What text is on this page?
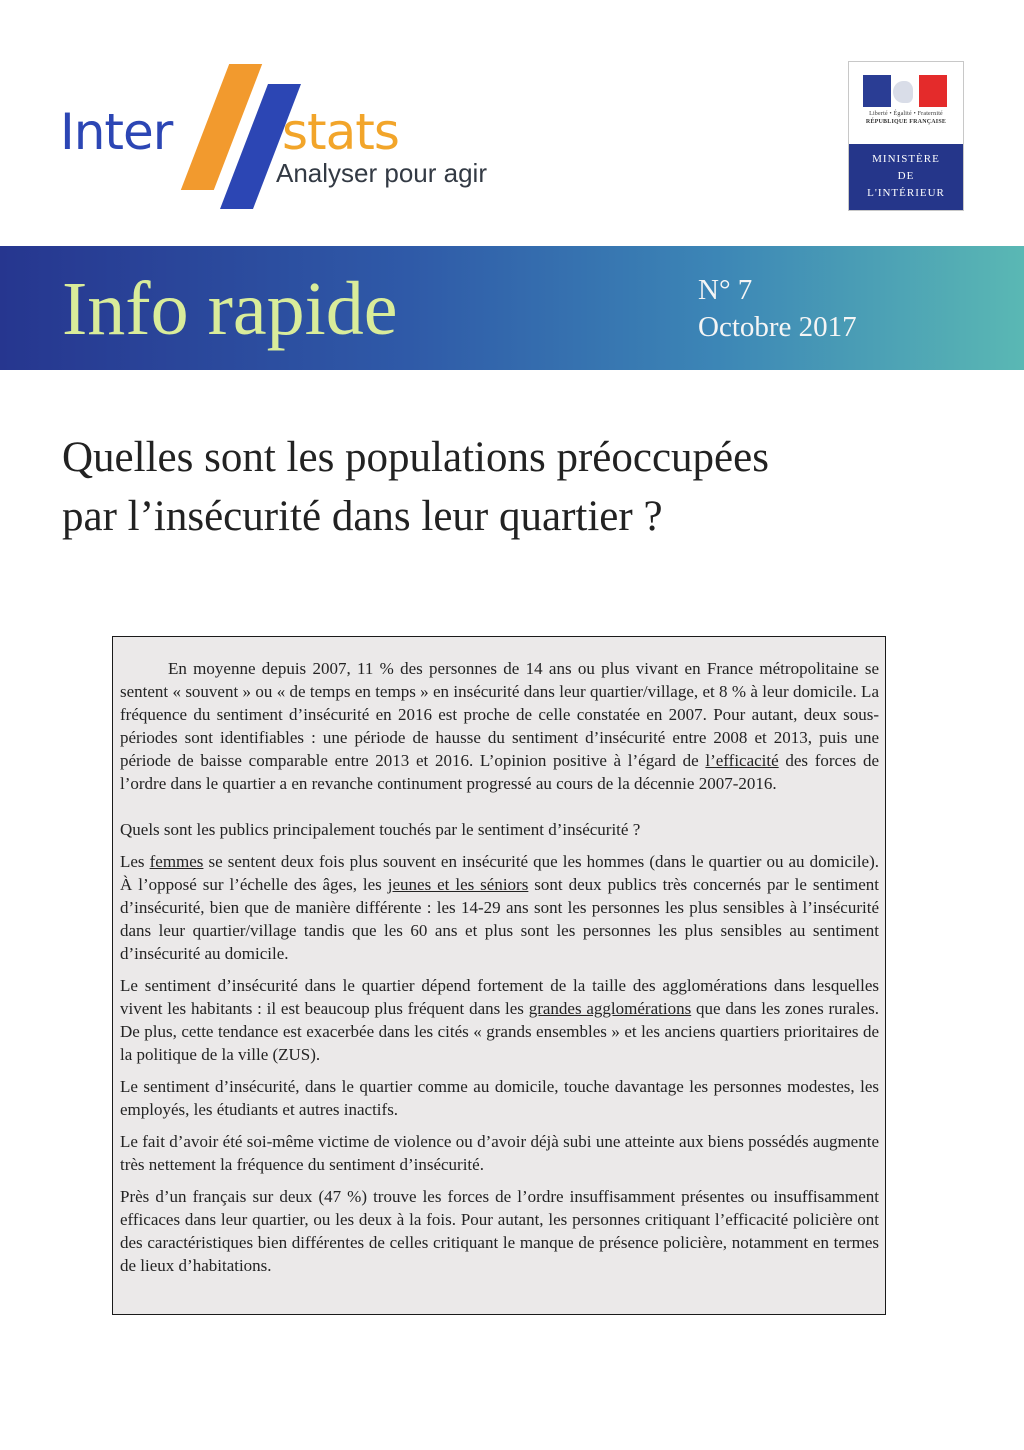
Inter stats
Analyser pour agir
Liberté • Égalité • Fraternité
RÉPUBLIQUE FRANÇAISE
MINISTÈRE
DE
L'INTÉRIEUR
Info rapide	N° 7
Octobre 2017
Quelles sont les populations préoccupées
par l’insécurité dans leur quartier ?

En moyenne depuis 2007, 11 % des personnes de 14 ans ou plus vivant en France métropolitaine se sentent « souvent » ou « de temps en temps » en insécurité dans leur quartier/village, et 8 % à leur domicile. La fréquence du sentiment d’insécurité en 2016 est proche de celle constatée en 2007. Pour autant, deux sous-périodes sont identifiables : une période de hausse du sentiment d’insécurité entre 2008 et 2013, puis une période de baisse comparable entre 2013 et 2016. L’opinion positive à l’égard de l’efficacité des forces de l’ordre dans le quartier a en revanche continument progressé au cours de la décennie 2007-2016.

Quels sont les publics principalement touchés par le sentiment d’insécurité ?

Les femmes se sentent deux fois plus souvent en insécurité que les hommes (dans le quartier ou au domicile). À l’opposé sur l’échelle des âges, les jeunes et les séniors sont deux publics très concernés par le sentiment d’insécurité, bien que de manière différente : les 14-29 ans sont les personnes les plus sensibles à l’insécurité dans leur quartier/village tandis que les 60 ans et plus sont les personnes les plus sensibles au sentiment d’insécurité au domicile.

Le sentiment d’insécurité dans le quartier dépend fortement de la taille des agglomérations dans lesquelles vivent les habitants : il est beaucoup plus fréquent dans les grandes agglomérations que dans les zones rurales. De plus, cette tendance est exacerbée dans les cités « grands ensembles » et les anciens quartiers prioritaires de la politique de la ville (ZUS).

Le sentiment d’insécurité, dans le quartier comme au domicile, touche davantage les personnes modestes, les employés, les étudiants et autres inactifs.

Le fait d’avoir été soi-même victime de violence ou d’avoir déjà subi une atteinte aux biens possédés augmente très nettement la fréquence du sentiment d’insécurité.

Près d’un français sur deux (47 %) trouve les forces de l’ordre insuffisamment présentes ou insuffisamment efficaces dans leur quartier, ou les deux à la fois. Pour autant, les personnes critiquant l’efficacité policière ont des caractéristiques bien différentes de celles critiquant le manque de présence policière, notamment en termes de lieux d’habitations.
